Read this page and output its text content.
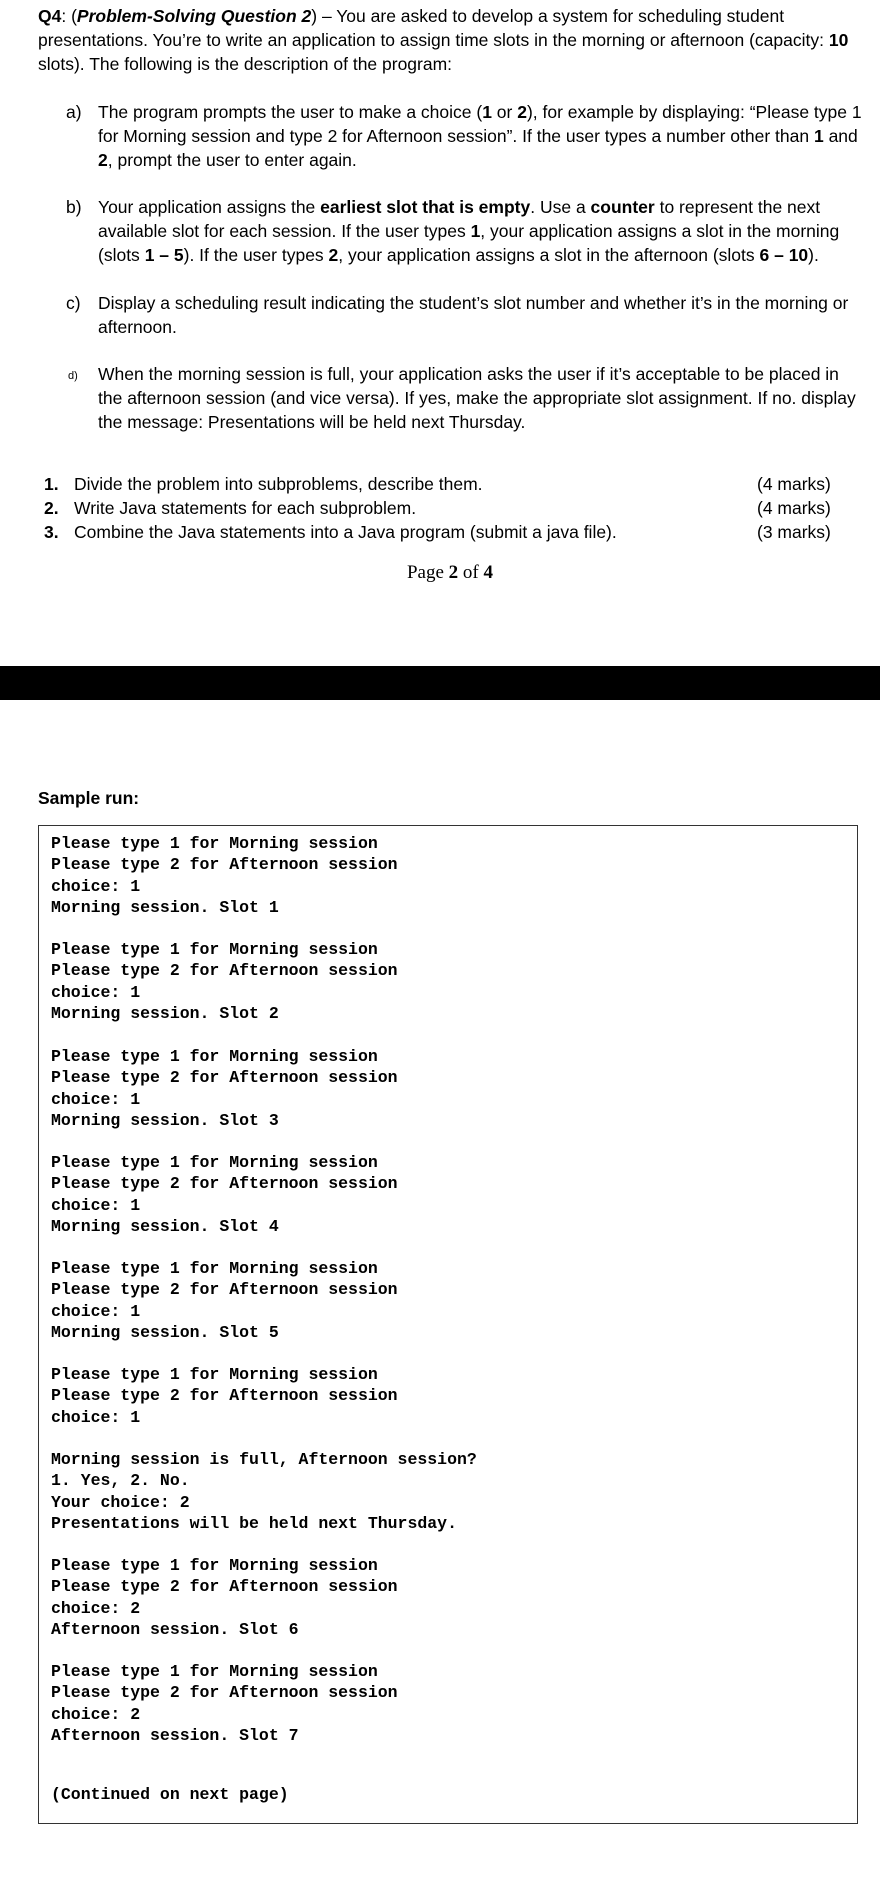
Q4: (Problem-Solving Question 2) – You are asked to develop a system for scheduling student presentations. You’re to write an application to assign time slots in the morning or afternoon (capacity: 10 slots). The following is the description of the program:
a) The program prompts the user to make a choice (1 or 2), for example by displaying: “Please type 1 for Morning session and type 2 for Afternoon session”. If the user types a number other than 1 and 2, prompt the user to enter again.
b) Your application assigns the earliest slot that is empty. Use a counter to represent the next available slot for each session. If the user types 1, your application assigns a slot in the morning (slots 1 – 5). If the user types 2, your application assigns a slot in the afternoon (slots 6 – 10).
c) Display a scheduling result indicating the student’s slot number and whether it’s in the morning or afternoon.
d) When the morning session is full, your application asks the user if it’s acceptable to be placed in the afternoon session (and vice versa). If yes, make the appropriate slot assignment. If no. display the message: Presentations will be held next Thursday.
1. Divide the problem into subproblems, describe them.	(4 marks)
2. Write Java statements for each subproblem.	(4 marks)
3. Combine the Java statements into a Java program (submit a java file).	(3 marks)
Page 2 of 4
Sample run:
Please type 1 for Morning session
Please type 2 for Afternoon session
choice: 1
Morning session. Slot 1
Please type 1 for Morning session
Please type 2 for Afternoon session
choice: 1
Morning session. Slot 2
Please type 1 for Morning session
Please type 2 for Afternoon session
choice: 1
Morning session. Slot 3
Please type 1 for Morning session
Please type 2 for Afternoon session
choice: 1
Morning session. Slot 4
Please type 1 for Morning session
Please type 2 for Afternoon session
choice: 1
Morning session. Slot 5
Please type 1 for Morning session
Please type 2 for Afternoon session
choice: 1
Morning session is full, Afternoon session?
1. Yes, 2. No.
Your choice: 2
Presentations will be held next Thursday.
Please type 1 for Morning session
Please type 2 for Afternoon session
choice: 2
Afternoon session. Slot 6
Please type 1 for Morning session
Please type 2 for Afternoon session
choice: 2
Afternoon session. Slot 7
(Continued on next page)
